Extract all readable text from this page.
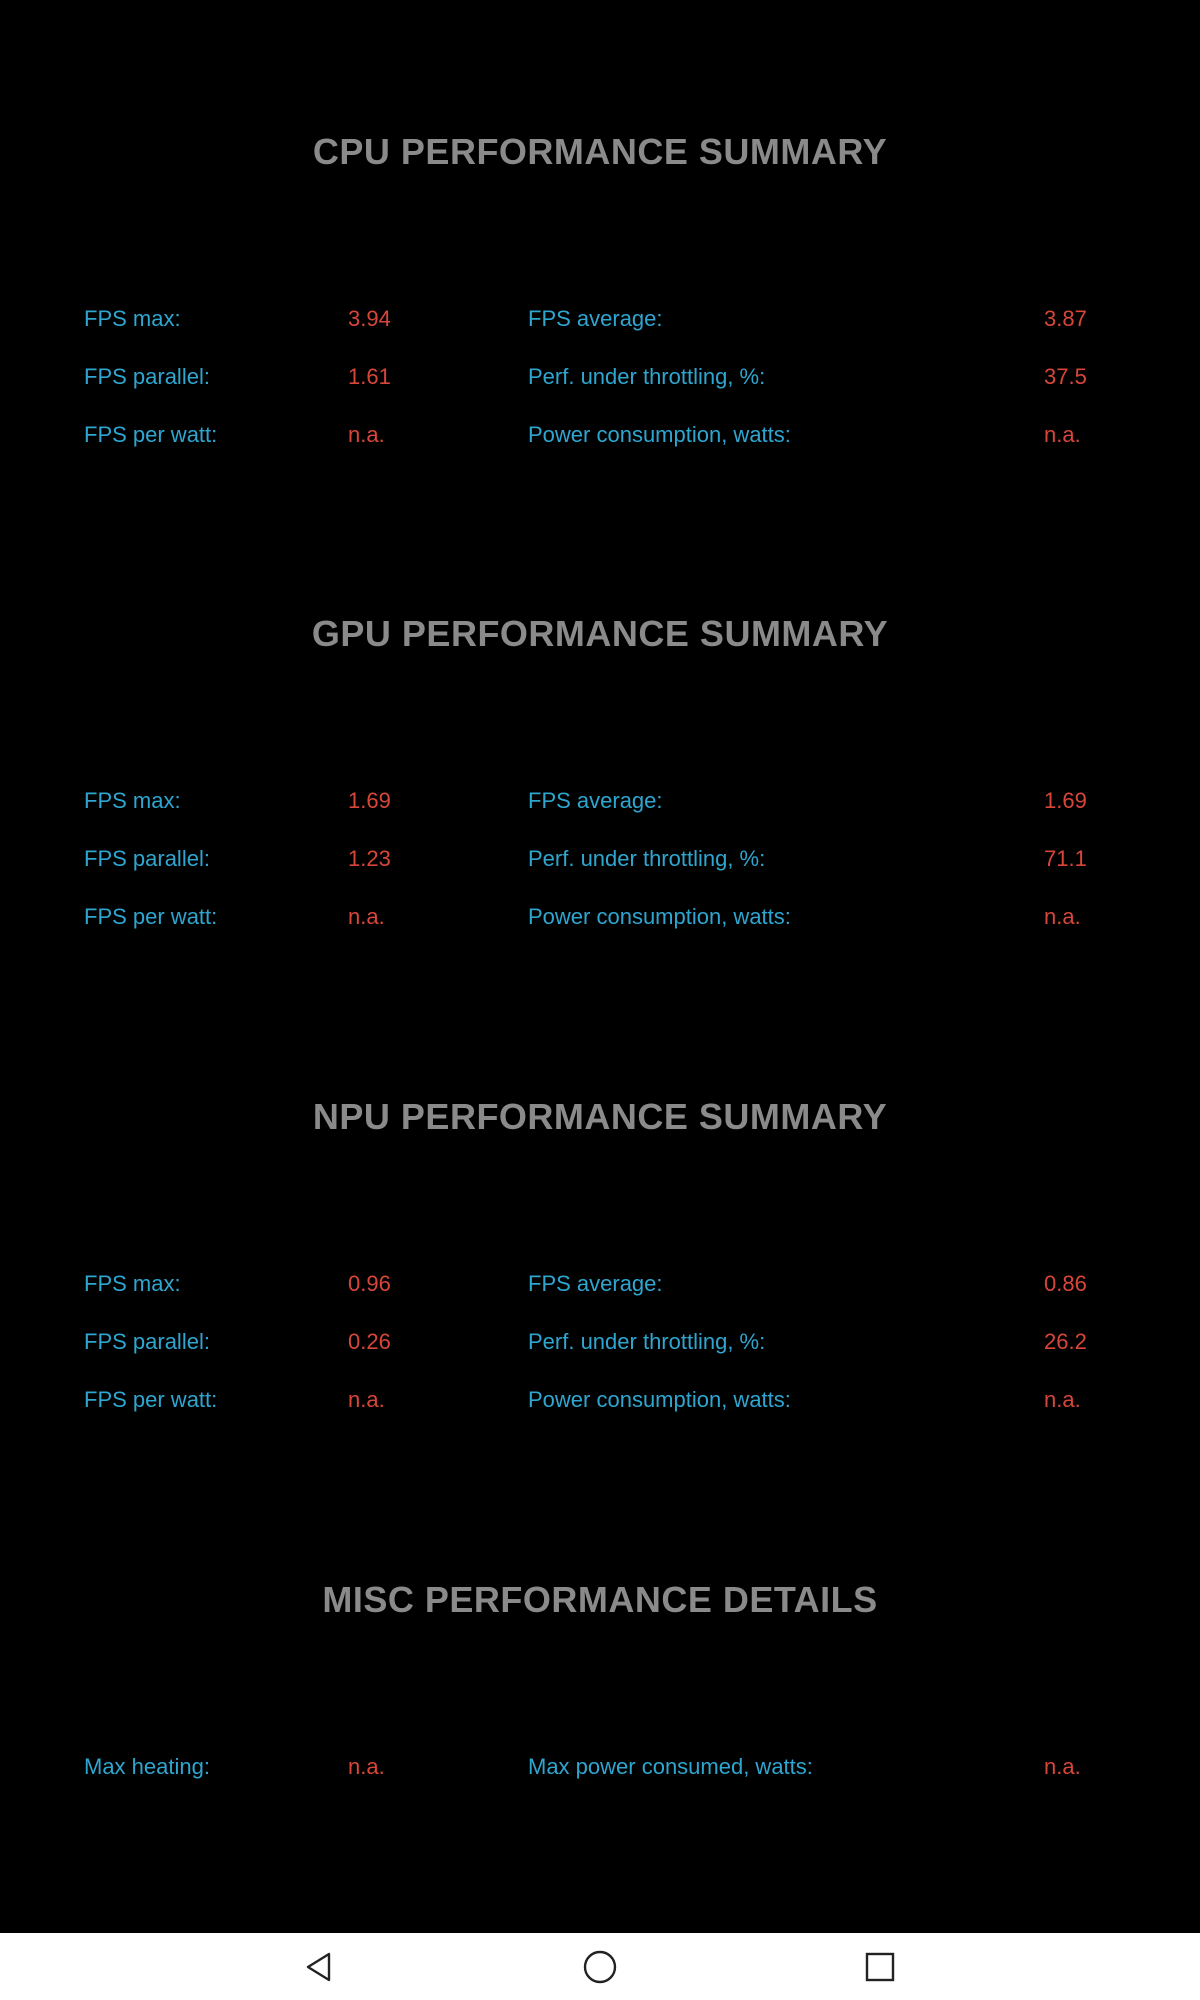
CPU PERFORMANCE SUMMARY
FPS max:	3.94	FPS average:	3.87
FPS parallel:	1.61	Perf. under throttling, %:	37.5
FPS per watt:	n.a.	Power consumption, watts:	n.a.
GPU PERFORMANCE SUMMARY
FPS max:	1.69	FPS average:	1.69
FPS parallel:	1.23	Perf. under throttling, %:	71.1
FPS per watt:	n.a.	Power consumption, watts:	n.a.
NPU PERFORMANCE SUMMARY
FPS max:	0.96	FPS average:	0.86
FPS parallel:	0.26	Perf. under throttling, %:	26.2
FPS per watt:	n.a.	Power consumption, watts:	n.a.
MISC PERFORMANCE DETAILS
Max heating:	n.a.	Max power consumed, watts:	n.a.
